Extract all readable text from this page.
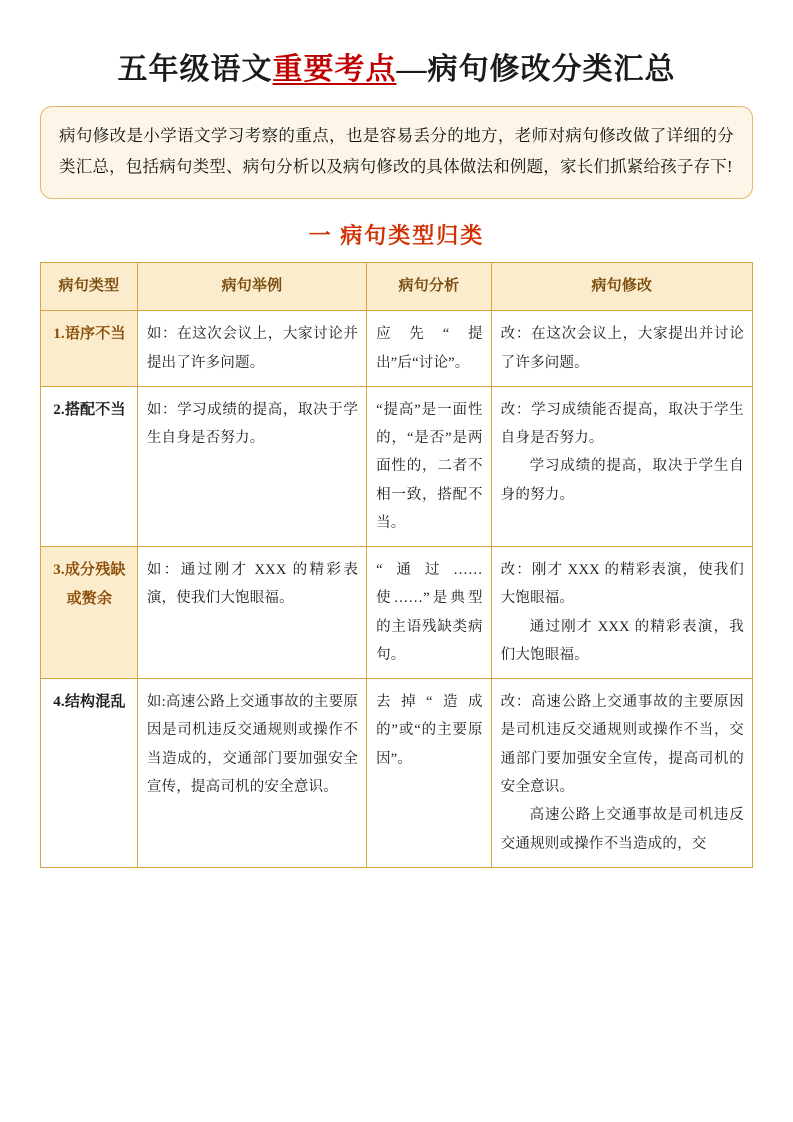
五年级语文重要考点—病句修改分类汇总
病句修改是小学语文学习考察的重点，也是容易丢分的地方，老师对病句修改做了详细的分类汇总，包括病句类型、病句分析以及病句修改的具体做法和例题，家长们抓紧给孩子存下!
一 病句类型归类
病句类型	病句举例	病句分析	病句修改
1.语序不当	如：在这次会议上，大家讨论并提出了许多问题。	应先“提出”后“讨论”。	改：在这次会议上，大家提出并讨论了许多问题。

2.搭配不当	如：学习成绩的提高，取决于学生自身是否努力。	“提高”是一面性的，“是否”是两面性的，二者不相一致，搭配不当。	改：学习成绩能否提高，取决于学生自身是否努力。
学习成绩的提高，取决于学生自身的努力。

3.成分残缺或赘余	如：通过刚才 XXX 的精彩表演，使我们大饱眼福。	“通过……使……”是典型的主语残缺类病句。	改：刚才 XXX 的精彩表演，使我们大饱眼福。
通过刚才 XXX 的精彩表演，我们大饱眼福。

4.结构混乱	如:高速公路上交通事故的主要原因是司机违反交通规则或操作不当造成的，交通部门要加强安全宣传，提高司机的安全意识。	去掉“造成的”或“的主要原因”。	改：高速公路上交通事故的主要原因是司机违反交通规则或操作不当，交通部门要加强安全宣传，提高司机的安全意识。
高速公路上交通事故是司机违反交通规则或操作不当造成的，交
